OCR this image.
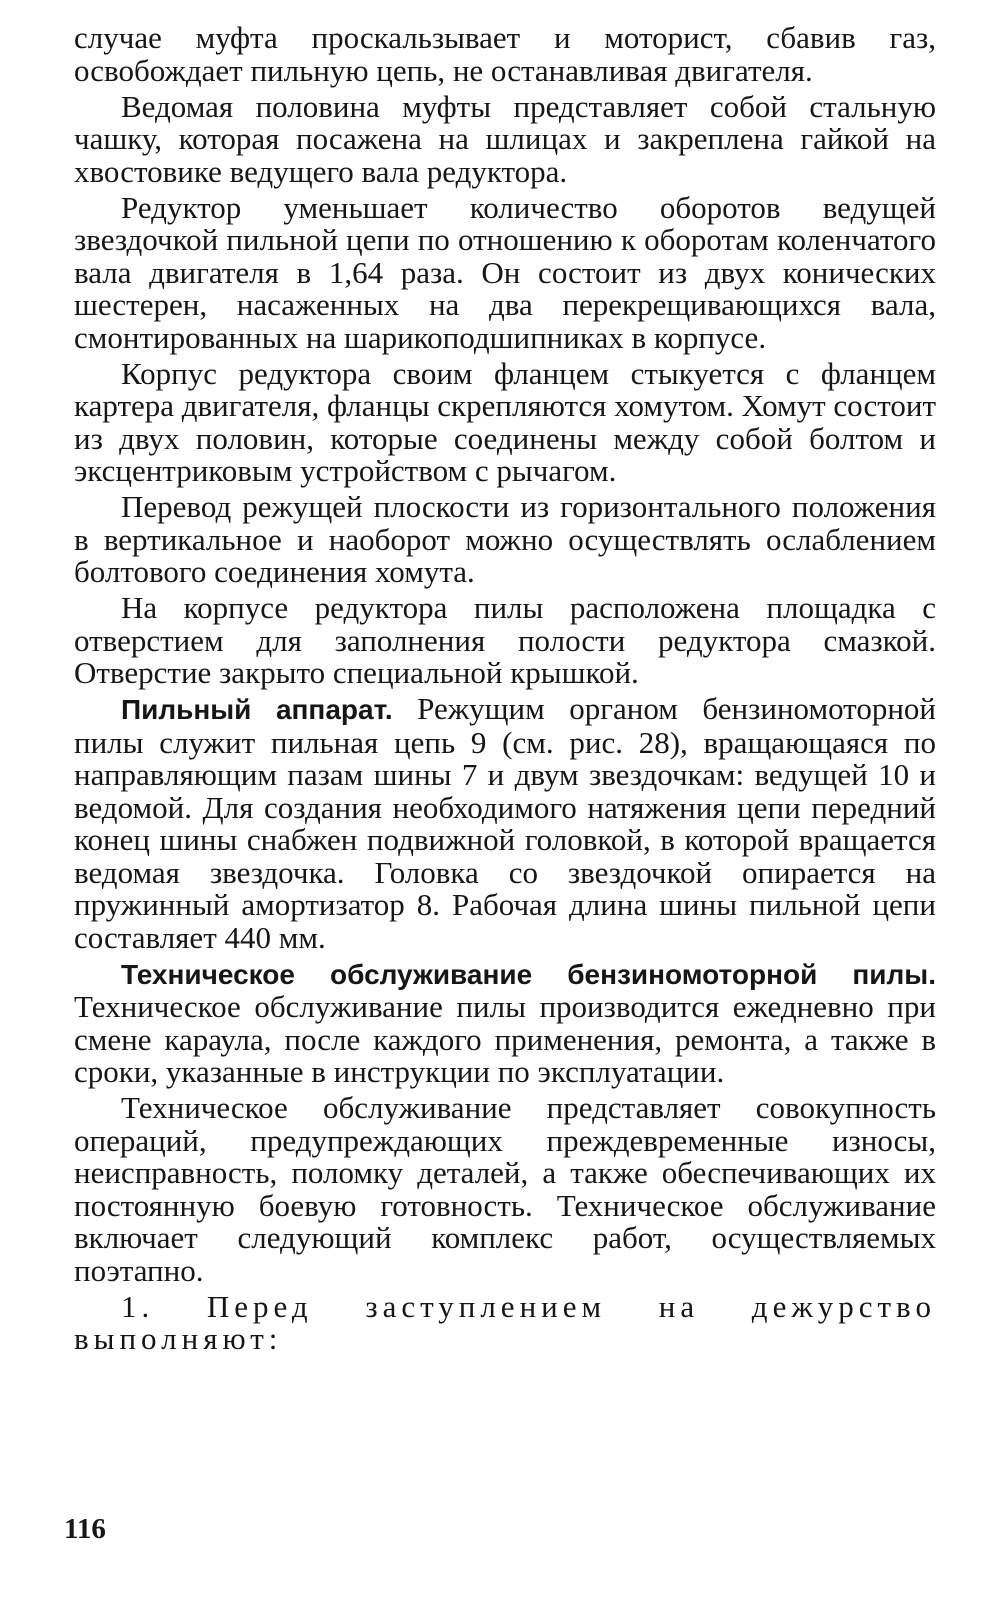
случае муфта проскальзывает и моторист, сбавив газ, освобождает пильную цепь, не останавливая двигателя.

Ведомая половина муфты представляет собой стальную чашку, которая посажена на шлицах и закреплена гайкой на хвостовике ведущего вала редуктора.

Редуктор уменьшает количество оборотов ведущей звездочкой пильной цепи по отношению к оборотам коленчатого вала двигателя в 1,64 раза. Он состоит из двух конических шестерен, насаженных на два перекрещивающихся вала, смонтированных на шарикоподшипниках в корпусе.

Корпус редуктора своим фланцем стыкуется с фланцем картера двигателя, фланцы скрепляются хомутом. Хомут состоит из двух половин, которые соединены между собой болтом и эксцентриковым устройством с рычагом.

Перевод режущей плоскости из горизонтального положения в вертикальное и наоборот можно осуществлять ослаблением болтового соединения хомута.

На корпусе редуктора пилы расположена площадка с отверстием для заполнения полости редуктора смазкой. Отверстие закрыто специальной крышкой.

Пильный аппарат. Режущим органом бензиномоторной пилы служит пильная цепь 9 (см. рис. 28), вращающаяся по направляющим пазам шины 7 и двум звездочкам: ведущей 10 и ведомой. Для создания необходимого натяжения цепи передний конец шины снабжен подвижной головкой, в которой вращается ведомая звездочка. Головка со звездочкой опирается на пружинный амортизатор 8. Рабочая длина шины пильной цепи составляет 440 мм.

Техническое обслуживание бензиномоторной пилы. Техническое обслуживание пилы производится ежедневно при смене караула, после каждого применения, ремонта, а также в сроки, указанные в инструкции по эксплуатации.

Техническое обслуживание представляет совокупность операций, предупреждающих преждевременные износы, неисправность, поломку деталей, а также обеспечивающих их постоянную боевую готовность. Техническое обслуживание включает следующий комплекс работ, осуществляемых поэтапно.

1. Перед заступлением на дежурство выполняют:

116
